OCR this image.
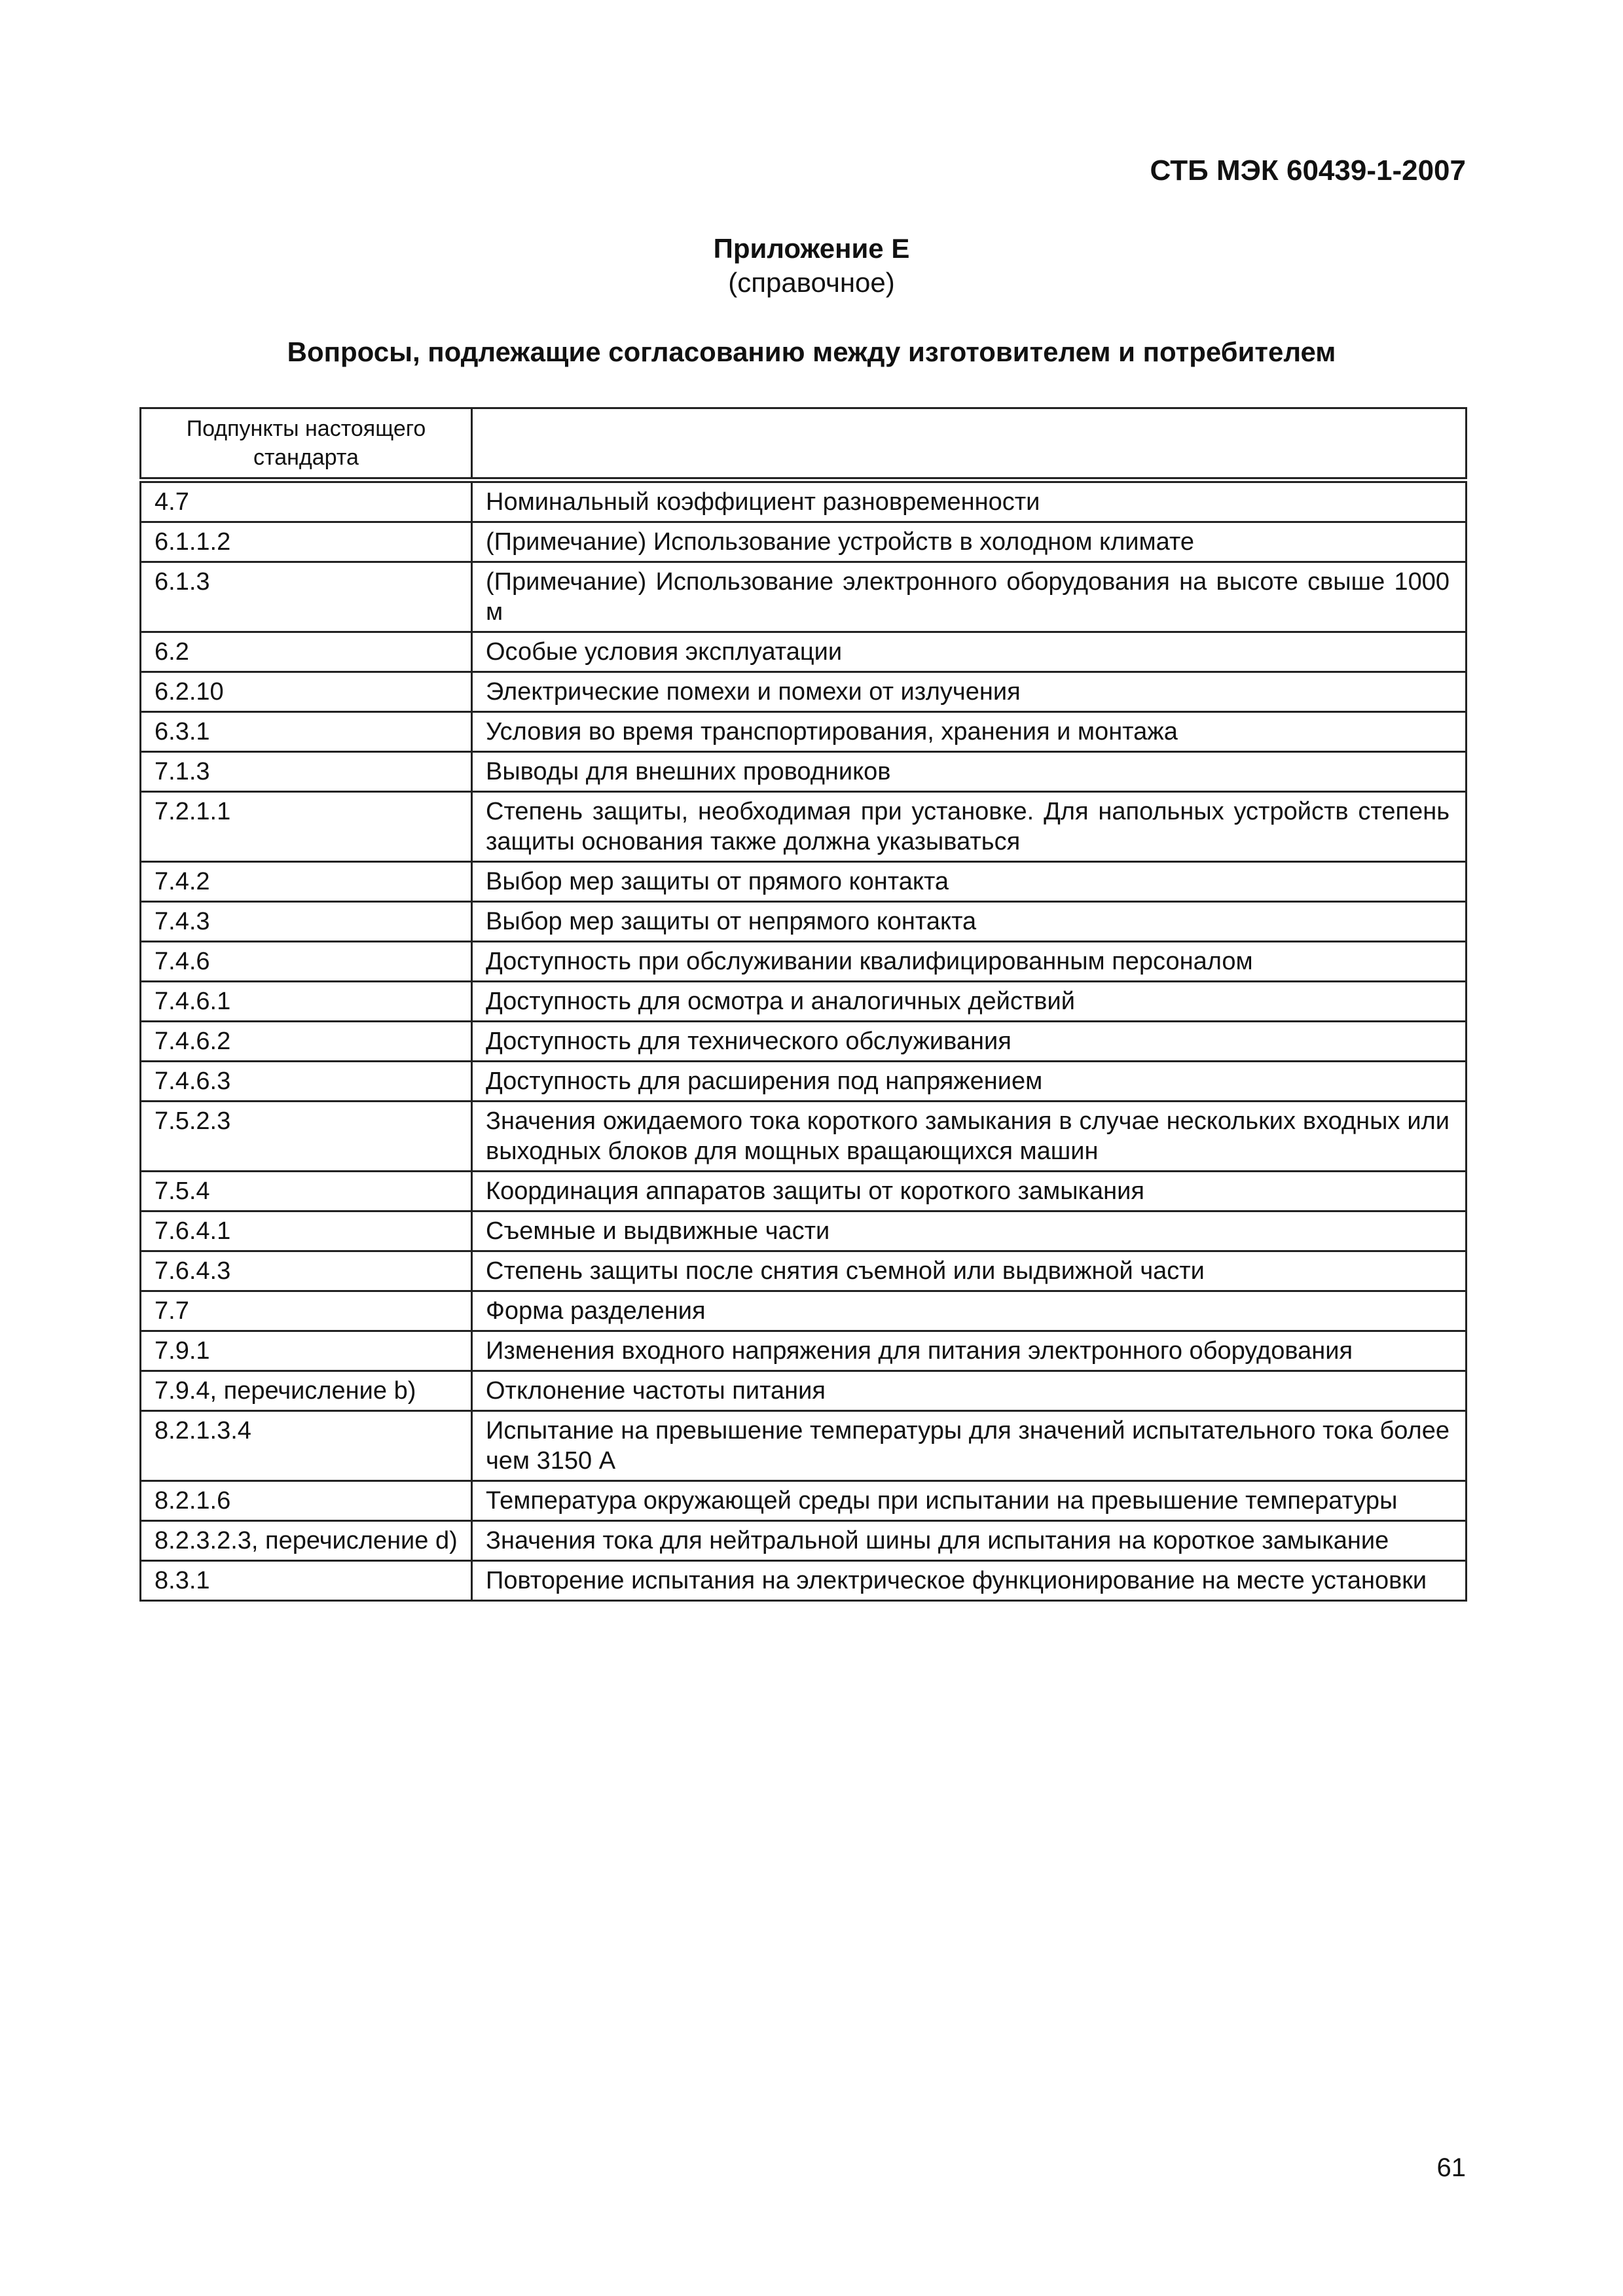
СТБ МЭК 60439-1-2007
Приложение Е
(справочное)
Вопросы, подлежащие согласованию между изготовителем и потребителем
Подпункты настоящего стандарта	
4.7	Номинальный коэффициент разновременности
6.1.1.2	(Примечание) Использование устройств в холодном климате
6.1.3	(Примечание) Использование электронного оборудования на высоте свыше 1000 м
6.2	Особые условия эксплуатации
6.2.10	Электрические помехи и помехи от излучения
6.3.1	Условия во время транспортирования, хранения и монтажа
7.1.3	Выводы для внешних проводников
7.2.1.1	Степень защиты, необходимая при установке. Для напольных устройств степень защиты основания также должна указываться
7.4.2	Выбор мер защиты от прямого контакта
7.4.3	Выбор мер защиты от непрямого контакта
7.4.6	Доступность при обслуживании квалифицированным персоналом
7.4.6.1	Доступность для осмотра и аналогичных действий
7.4.6.2	Доступность для технического обслуживания
7.4.6.3	Доступность для расширения под напряжением
7.5.2.3	Значения ожидаемого тока короткого замыкания в случае нескольких входных или выходных блоков для мощных вращающихся машин
7.5.4	Координация аппаратов защиты от короткого замыкания
7.6.4.1	Съемные и выдвижные части
7.6.4.3	Степень защиты после снятия съемной или выдвижной части
7.7	Форма разделения
7.9.1	Изменения входного напряжения для питания электронного оборудования
7.9.4, перечисление b)	Отклонение частоты питания
8.2.1.3.4	Испытание на превышение температуры для значений испытательного тока более чем 3150 А
8.2.1.6	Температура окружающей среды при испытании на превышение температуры
8.2.3.2.3, перечисление d)	Значения тока для нейтральной шины для испытания на короткое замыкание
8.3.1	Повторение испытания на электрическое функционирование на месте установки
61
